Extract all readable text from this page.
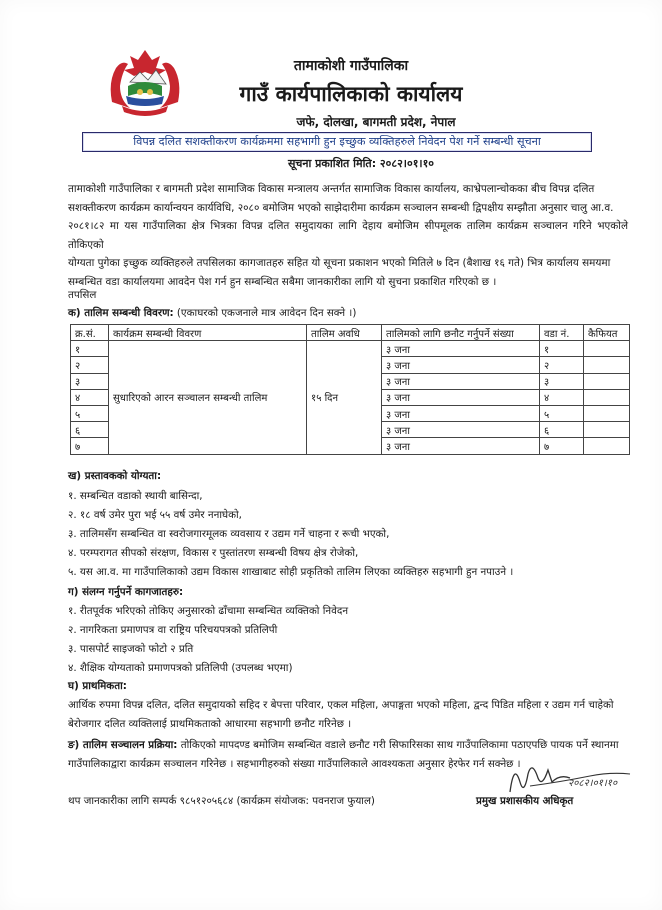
तामाकोशी गाउँपालिका
गाउँ कार्यपालिकाको कार्यालय
जफे, दोलखा, बागमती प्रदेश, नेपाल
विपन्न दलित सशक्तीकरण कार्यक्रममा सहभागी हुन इच्छुक व्यक्तिहरुले निवेदन पेश गर्ने सम्बन्धी सूचना
सूचना प्रकाशित मिति: २०८२।०१।१०
तामाकोशी गाउँपालिका र बागमती प्रदेश सामाजिक विकास मन्त्रालय अन्तर्गत सामाजिक विकास कार्यालय, काभ्रेपलान्चोकका बीच विपन्न दलित
सशक्तीकरण कार्यक्रम कार्यान्वयन कार्यविधि, २०८० बमोजिम भएको साझेदारीमा कार्यक्रम सञ्चालन सम्बन्धी द्विपक्षीय सम्झौता अनुसार चालु आ.व.
२०८१।८२ मा यस गाउँपालिका क्षेत्र भित्रका विपन्न दलित समुदायका लागि देहाय बमोजिम सीपमूलक तालिम कार्यक्रम सञ्चालन गरिने भएकोले तोकिएको
योग्यता पुगेका इच्छुक व्यक्तिहरुले तपसिलका कागजातहरु सहित यो सूचना प्रकाशन भएको मितिले ७ दिन (बैशाख १६ गते) भित्र कार्यालय समयमा
सम्बन्धित वडा कार्यालयमा आवदेन पेश गर्न हुन सम्बन्धित सबैमा जानकारीका लागि यो सुचना प्रकाशित गरिएको छ ।
तपसिल
क) तालिम सम्बन्धी विवरण: (एकाघरको एकजनाले मात्र आवेदन दिन सक्ने ।)
क्र.सं.	कार्यक्रम सम्बन्धी विवरण	तालिम अवधि	तालिमको लागि छनौट गर्नुपर्ने संख्या	वडा नं.	कैफियत
१	सुधारिएको आरन सञ्चालन सम्बन्धी तालिम	१५ दिन	३ जना	१	
२			३ जना	२	
३			३ जना	३	
४			३ जना	४	
५			३ जना	५	
६			३ जना	६	
७			३ जना	७	
ख) प्रस्तावकको योग्यता:
१. सम्बन्धित वडाको स्थायी बासिन्दा,
२. १८ वर्ष उमेर पुरा भई ५५ वर्ष उमेर ननाघेको,
३. तालिमसँग सम्बन्धित वा स्वरोजगारमूलक व्यवसाय र उद्यम गर्ने चाहना र रूची भएको,
४. परम्परागत सीपको संरक्षण, विकास र पुस्तांतरण सम्बन्धी विषय क्षेत्र रोजेको,
५. यस आ.व. मा गाउँपालिकाको उद्यम विकास शाखाबाट सोही प्रकृतिको तालिम लिएका व्यक्तिहरु सहभागी हुन नपाउने ।
ग) संलग्न गर्नुपर्ने कागजातहरु:
१. रीतपूर्वक भरिएको तोकिए अनुसारको ढाँचामा सम्बन्धित व्यक्तिको निवेदन
२. नागरिकता प्रमाणपत्र वा राष्ट्रिय परिचयपत्रको प्रतिलिपी
३. पासपोर्ट साइजको फोटो २ प्रति
४. शैक्षिक योग्यताको प्रमाणपत्रको प्रतिलिपी (उपलब्ध भएमा)
घ) प्राथमिकता:
आर्थिक रुपमा विपन्न दलित, दलित समुदायको सहिद र बेपत्ता परिवार, एकल महिला, अपाङ्गता भएको महिला, द्वन्द पिडित महिला र उद्यम गर्न चाहेको
बेरोजगार दलित व्यक्तिलाई प्राथमिकताको आधारमा सहभागी छनौट गरिनेछ ।
ङ) तालिम सञ्चालन प्रक्रिया: तोकिएको मापदण्ड बमोजिम सम्बन्धित वडाले छनौट गरी सिफारिसका साथ गाउँपालिकामा पठाएपछि पायक पर्ने स्थानमा
गाउँपालिकाद्वारा कार्यक्रम सञ्चालन गरिनेछ । सहभागीहरुको संख्या गाउँपालिकाले आवश्यकता अनुसार हेरफेर गर्न सक्नेछ ।
२०८२।०१।१०
थप जानकारीका लागि सम्पर्क ९८५१२०५६८४ (कार्यक्रम संयोजक: पवनराज फुयाल)	प्रमुख प्रशासकीय अधिकृत
